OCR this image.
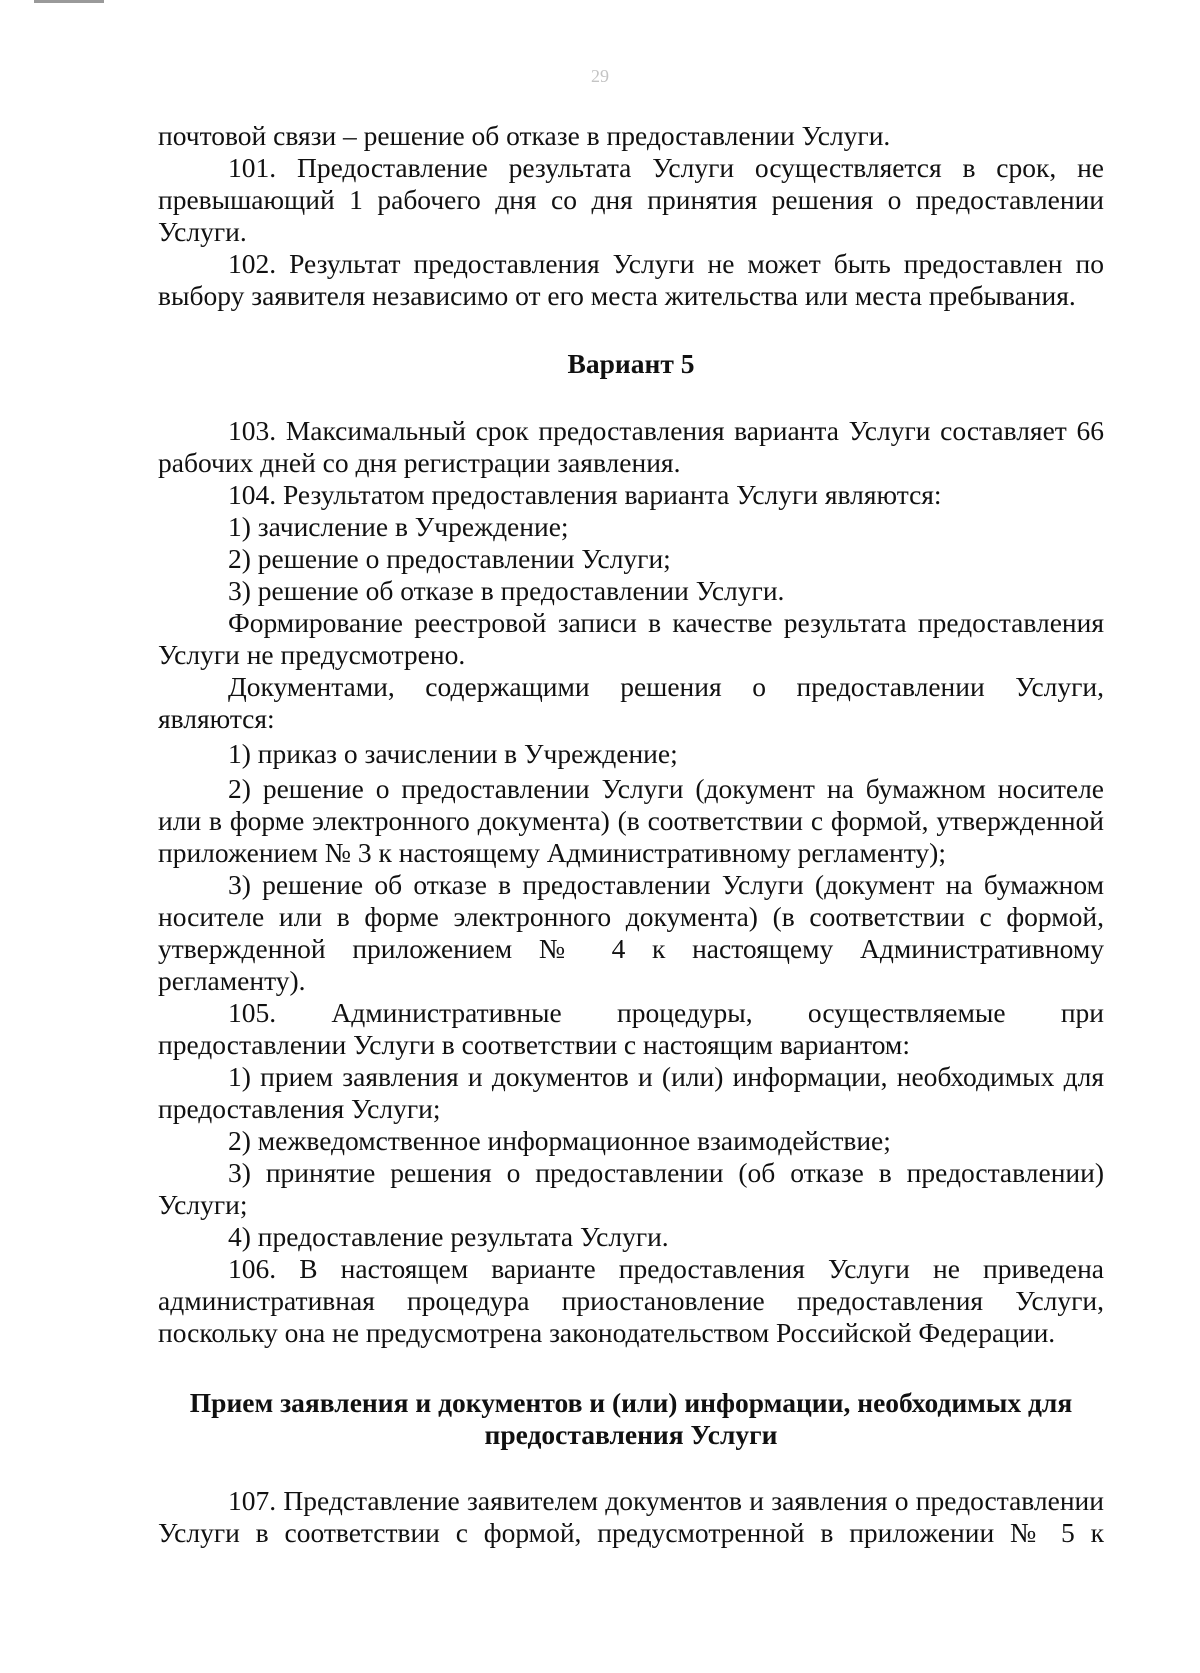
29

почтовой связи – решение об отказе в предоставлении Услуги.

101. Предоставление результата Услуги осуществляется в срок, не превышающий 1 рабочего дня со дня принятия решения о предоставлении Услуги.

102. Результат предоставления Услуги не может быть предоставлен по выбору заявителя независимо от его места жительства или места пребывания.

Вариант 5

103. Максимальный срок предоставления варианта Услуги составляет 66 рабочих дней со дня регистрации заявления.

104. Результатом предоставления варианта Услуги являются:

1) зачисление в Учреждение;

2) решение о предоставлении Услуги;

3) решение об отказе в предоставлении Услуги.

Формирование реестровой записи в качестве результата предоставления Услуги не предусмотрено.

Документами, содержащими решения о предоставлении Услуги, являются:

1) приказ о зачислении в Учреждение;

2) решение о предоставлении Услуги (документ на бумажном носителе или в форме электронного документа) (в соответствии с формой, утвержденной приложением № 3 к настоящему Административному регламенту);

3) решение об отказе в предоставлении Услуги (документ на бумажном носителе или в форме электронного документа) (в соответствии с формой, утвержденной приложением № 4 к настоящему Административному регламенту).

105. Административные процедуры, осуществляемые при предоставлении Услуги в соответствии с настоящим вариантом:

1) прием заявления и документов и (или) информации, необходимых для предоставления Услуги;

2) межведомственное информационное взаимодействие;

3) принятие решения о предоставлении (об отказе в предоставлении) Услуги;

4) предоставление результата Услуги.

106. В настоящем варианте предоставления Услуги не приведена административная процедура приостановление предоставления Услуги, поскольку она не предусмотрена законодательством Российской Федерации.

Прием заявления и документов и (или) информации, необходимых для

предоставления Услуги

107. Представление заявителем документов и заявления о предоставлении

Услуги в соответствии с формой, предусмотренной в приложении № 5 к
